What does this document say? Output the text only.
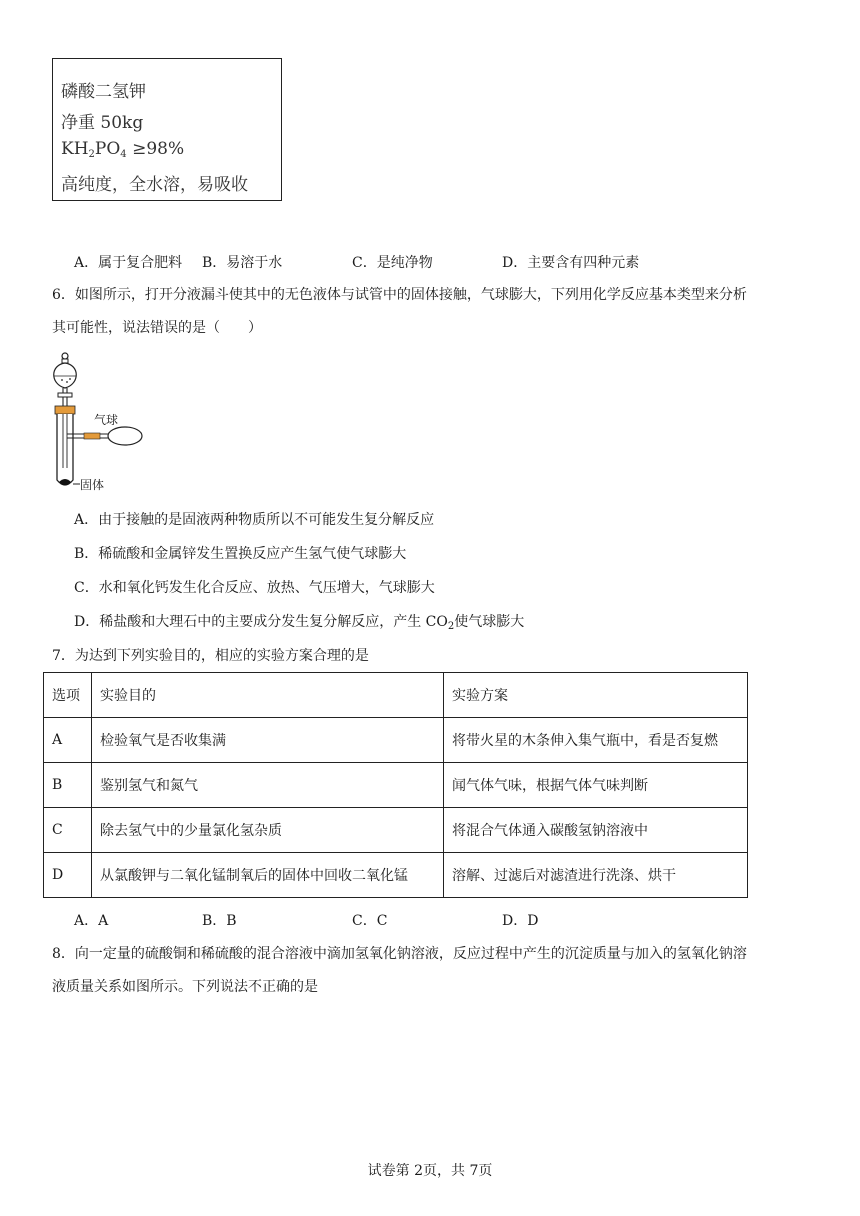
磷酸二氢钾
净重 50kg
$KH_2PO_4 \ge 98\%$
高纯度，全水溶，易吸收
A．属于复合肥料 B．易溶于水	C．是纯净物	D．主要含有四种元素
6．如图所示，打开分液漏斗使其中的无色液体与试管中的固体接触，气球膨大，下列用化学反应基本类型来分析
其可能性，说法错误的是（　　）
气球
固体
A．由于接触的是固液两种物质所以不可能发生复分解反应
B．稀硫酸和金属锌发生置换反应产生氢气使气球膨大
C．水和氧化钙发生化合反应、放热、气压增大，气球膨大
D．稀盐酸和大理石中的主要成分发生复分解反应，产生 $CO_2$使气球膨大
7．为达到下列实验目的，相应的实验方案合理的是
选项	实验目的	实验方案
A	检验氧气是否收集满	将带火星的木条伸入集气瓶中，看是否复燃
B	鉴别氢气和氮气	闻气体气味，根据气体气味判断
C	除去氢气中的少量氯化氢杂质	将混合气体通入碳酸氢钠溶液中
D	从氯酸钾与二氧化锰制氧后的固体中回收二氧化锰	溶解、过滤后对滤渣进行洗涤、烘干
A．A	B．B	C．C	D．D
8．向一定量的硫酸铜和稀硫酸的混合溶液中滴加氢氧化钠溶液，反应过程中产生的沉淀质量与加入的氢氧化钠溶
液质量关系如图所示。下列说法不正确的是
试卷第 2页，共 7页
